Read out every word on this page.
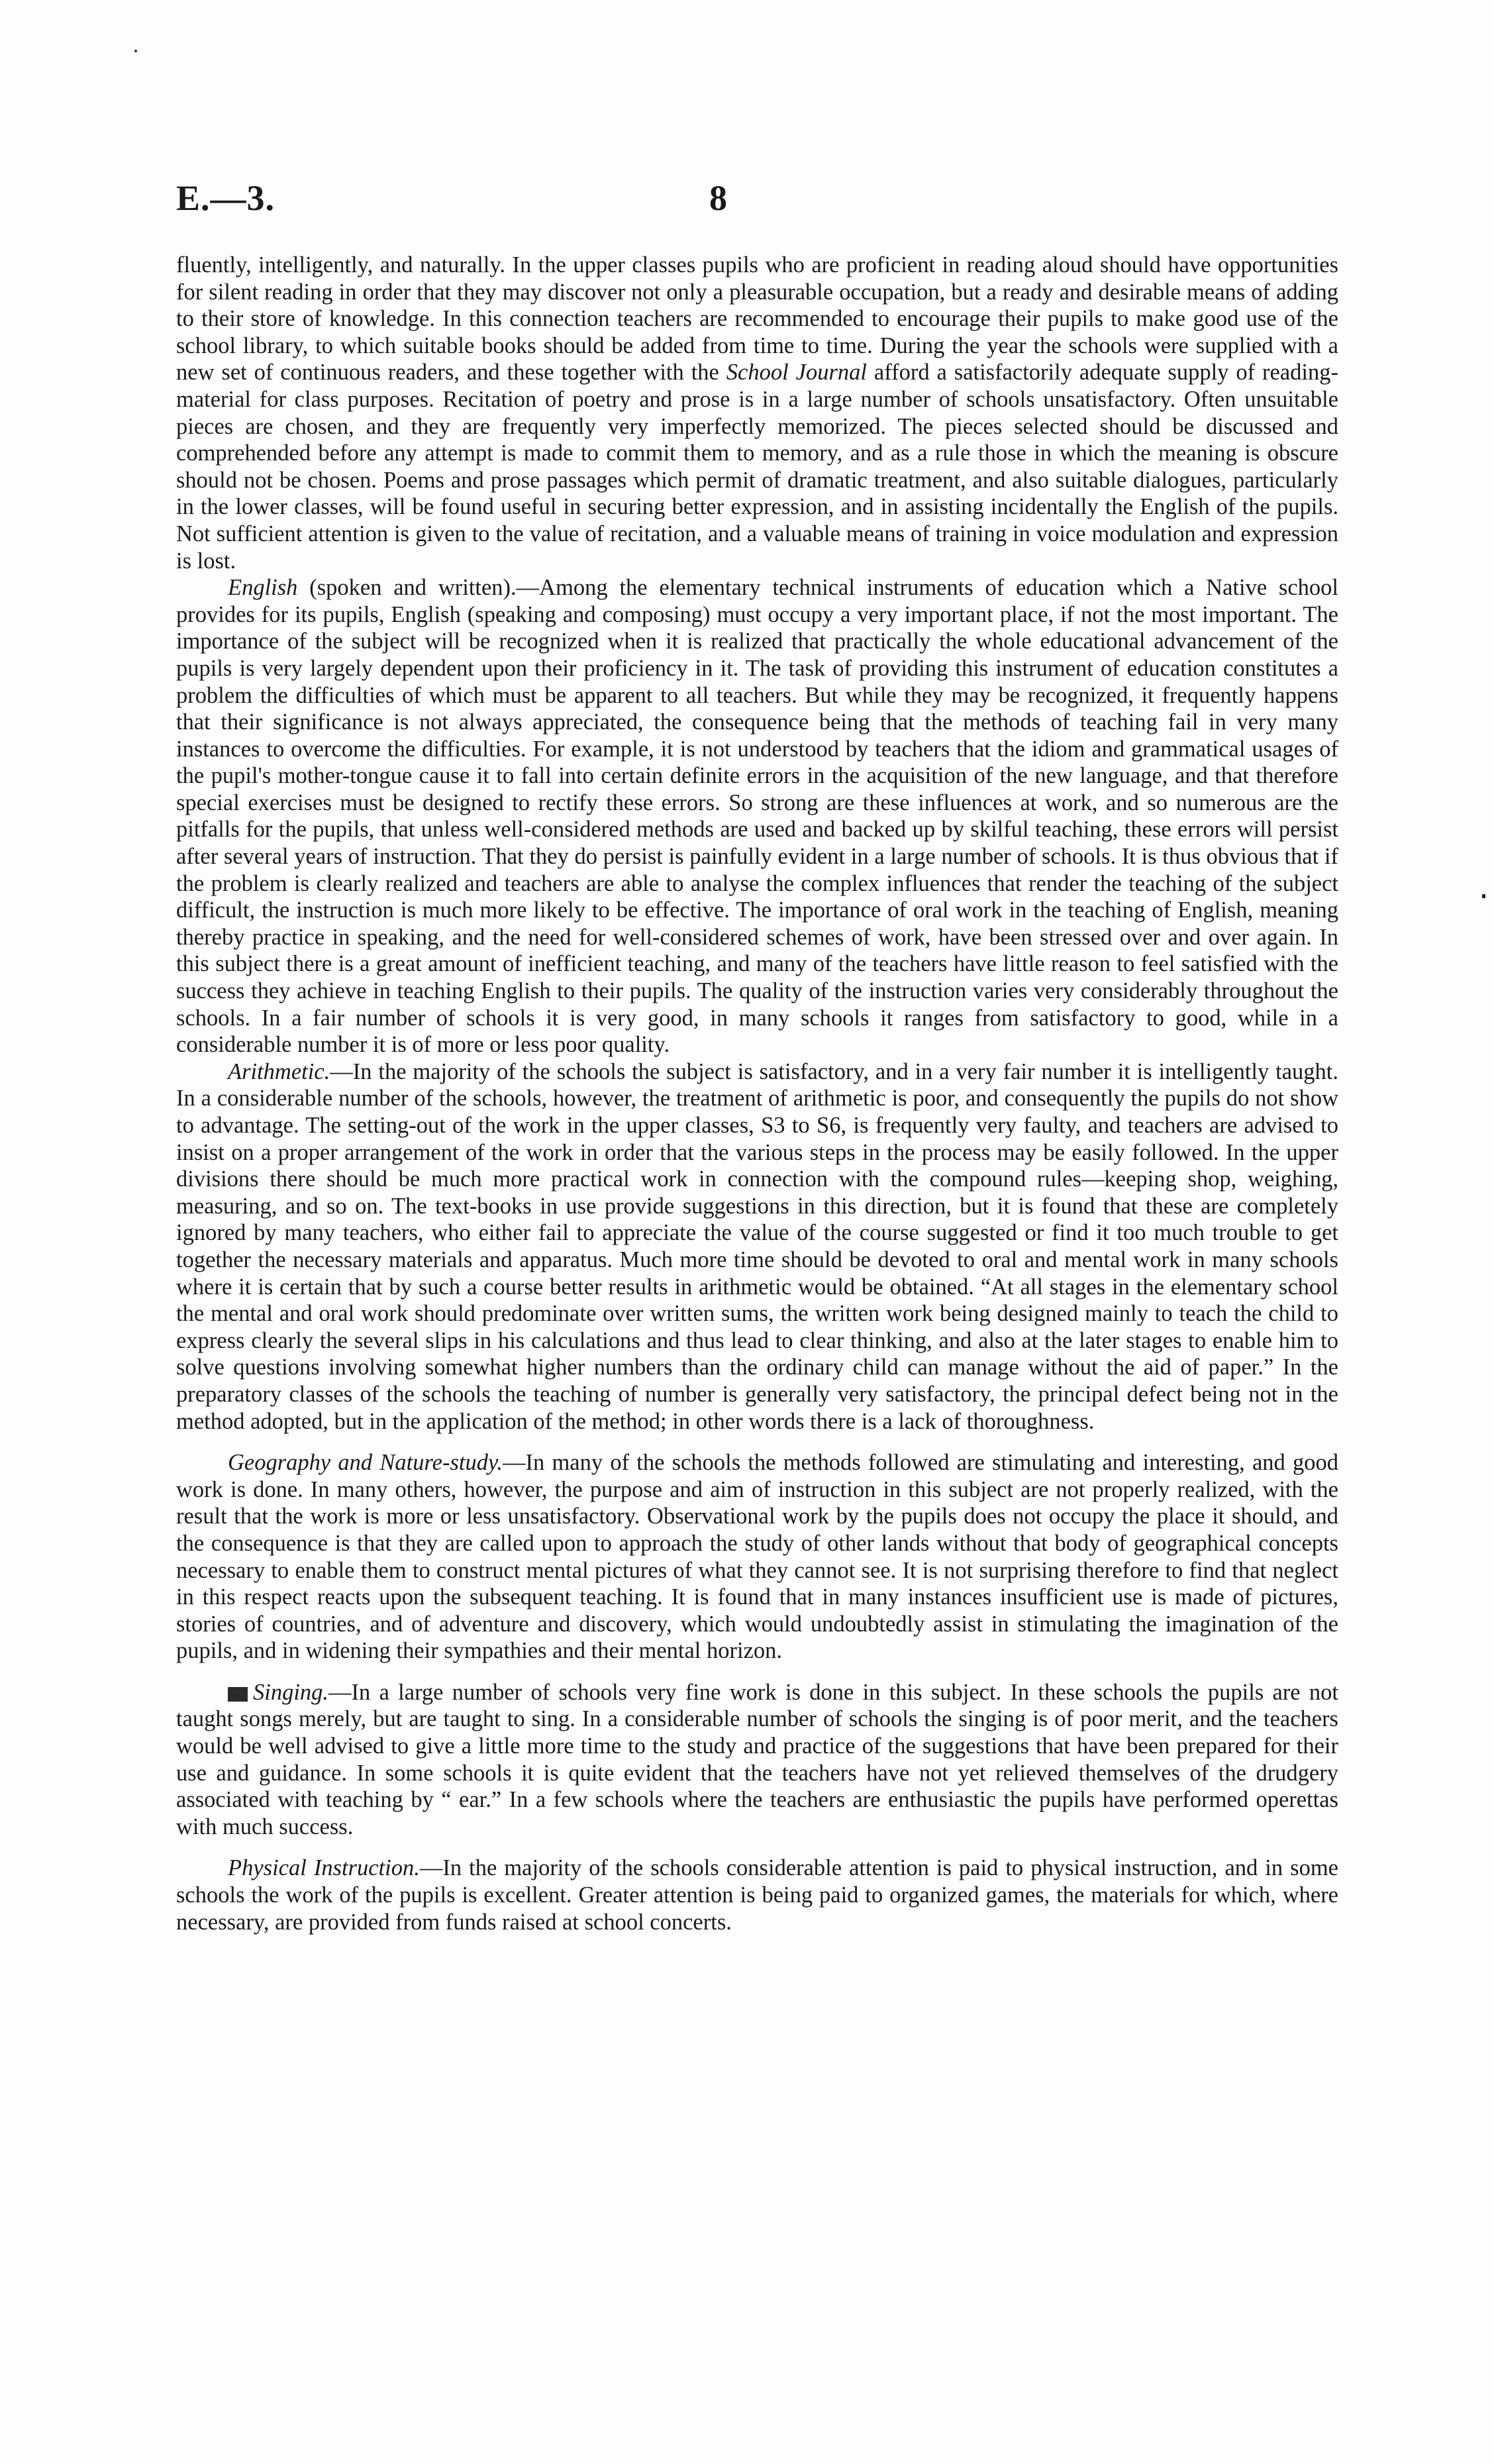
E.—3.	8

fluently, intelligently, and naturally. In the upper classes pupils who are proficient in reading aloud should have opportunities for silent reading in order that they may discover not only a pleasurable occupation, but a ready and desirable means of adding to their store of knowledge. In this connection teachers are recommended to encourage their pupils to make good use of the school library, to which suitable books should be added from time to time. During the year the schools were supplied with a new set of continuous readers, and these together with the School Journal afford a satisfactorily adequate supply of reading-material for class purposes. Recitation of poetry and prose is in a large number of schools unsatisfactory. Often unsuitable pieces are chosen, and they are frequently very imperfectly memorized. The pieces selected should be discussed and comprehended before any attempt is made to commit them to memory, and as a rule those in which the meaning is obscure should not be chosen. Poems and prose passages which permit of dramatic treatment, and also suitable dialogues, particularly in the lower classes, will be found useful in securing better expression, and in assisting incidentally the English of the pupils. Not sufficient attention is given to the value of recitation, and a valuable means of training in voice modulation and expression is lost.

English (spoken and written).—Among the elementary technical instruments of education which a Native school provides for its pupils, English (speaking and composing) must occupy a very important place, if not the most important. The importance of the subject will be recognized when it is realized that practically the whole educational advancement of the pupils is very largely dependent upon their proficiency in it. The task of providing this instrument of education constitutes a problem the difficulties of which must be apparent to all teachers. But while they may be recognized, it frequently happens that their significance is not always appreciated, the consequence being that the methods of teaching fail in very many instances to overcome the difficulties. For example, it is not understood by teachers that the idiom and grammatical usages of the pupil's mother-tongue cause it to fall into certain definite errors in the acquisition of the new language, and that therefore special exercises must be designed to rectify these errors. So strong are these influences at work, and so numerous are the pitfalls for the pupils, that unless well-considered methods are used and backed up by skilful teaching, these errors will persist after several years of instruction. That they do persist is painfully evident in a large number of schools. It is thus obvious that if the problem is clearly realized and teachers are able to analyse the complex influences that render the teaching of the subject difficult, the instruction is much more likely to be effective. The importance of oral work in the teaching of English, meaning thereby practice in speaking, and the need for well-considered schemes of work, have been stressed over and over again. In this subject there is a great amount of inefficient teaching, and many of the teachers have little reason to feel satisfied with the success they achieve in teaching English to their pupils. The quality of the instruction varies very considerably throughout the schools. In a fair number of schools it is very good, in many schools it ranges from satisfactory to good, while in a considerable number it is of more or less poor quality.

Arithmetic.—In the majority of the schools the subject is satisfactory, and in a very fair number it is intelligently taught. In a considerable number of the schools, however, the treatment of arithmetic is poor, and consequently the pupils do not show to advantage. The setting-out of the work in the upper classes, S3 to S6, is frequently very faulty, and teachers are advised to insist on a proper arrangement of the work in order that the various steps in the process may be easily followed. In the upper divisions there should be much more practical work in connection with the compound rules—keeping shop, weighing, measuring, and so on. The text-books in use provide suggestions in this direction, but it is found that these are completely ignored by many teachers, who either fail to appreciate the value of the course suggested or find it too much trouble to get together the necessary materials and apparatus. Much more time should be devoted to oral and mental work in many schools where it is certain that by such a course better results in arithmetic would be obtained. “At all stages in the elementary school the mental and oral work should predominate over written sums, the written work being designed mainly to teach the child to express clearly the several slips in his calculations and thus lead to clear thinking, and also at the later stages to enable him to solve questions involving somewhat higher numbers than the ordinary child can manage without the aid of paper.” In the preparatory classes of the schools the teaching of number is generally very satisfactory, the principal defect being not in the method adopted, but in the application of the method; in other words there is a lack of thoroughness.

Geography and Nature-study.—In many of the schools the methods followed are stimulating and interesting, and good work is done. In many others, however, the purpose and aim of instruction in this subject are not properly realized, with the result that the work is more or less unsatisfactory. Observational work by the pupils does not occupy the place it should, and the consequence is that they are called upon to approach the study of other lands without that body of geographical concepts necessary to enable them to construct mental pictures of what they cannot see. It is not surprising therefore to find that neglect in this respect reacts upon the subsequent teaching. It is found that in many instances insufficient use is made of pictures, stories of countries, and of adventure and discovery, which would undoubtedly assist in stimulating the imagination of the pupils, and in widening their sympathies and their mental horizon.

Singing.—In a large number of schools very fine work is done in this subject. In these schools the pupils are not taught songs merely, but are taught to sing. In a considerable number of schools the singing is of poor merit, and the teachers would be well advised to give a little more time to the study and practice of the suggestions that have been prepared for their use and guidance. In some schools it is quite evident that the teachers have not yet relieved themselves of the drudgery associated with teaching by “ ear.” In a few schools where the teachers are enthusiastic the pupils have performed operettas with much success.

Physical Instruction.—In the majority of the schools considerable attention is paid to physical instruction, and in some schools the work of the pupils is excellent. Greater attention is being paid to organized games, the materials for which, where necessary, are provided from funds raised at school concerts.
